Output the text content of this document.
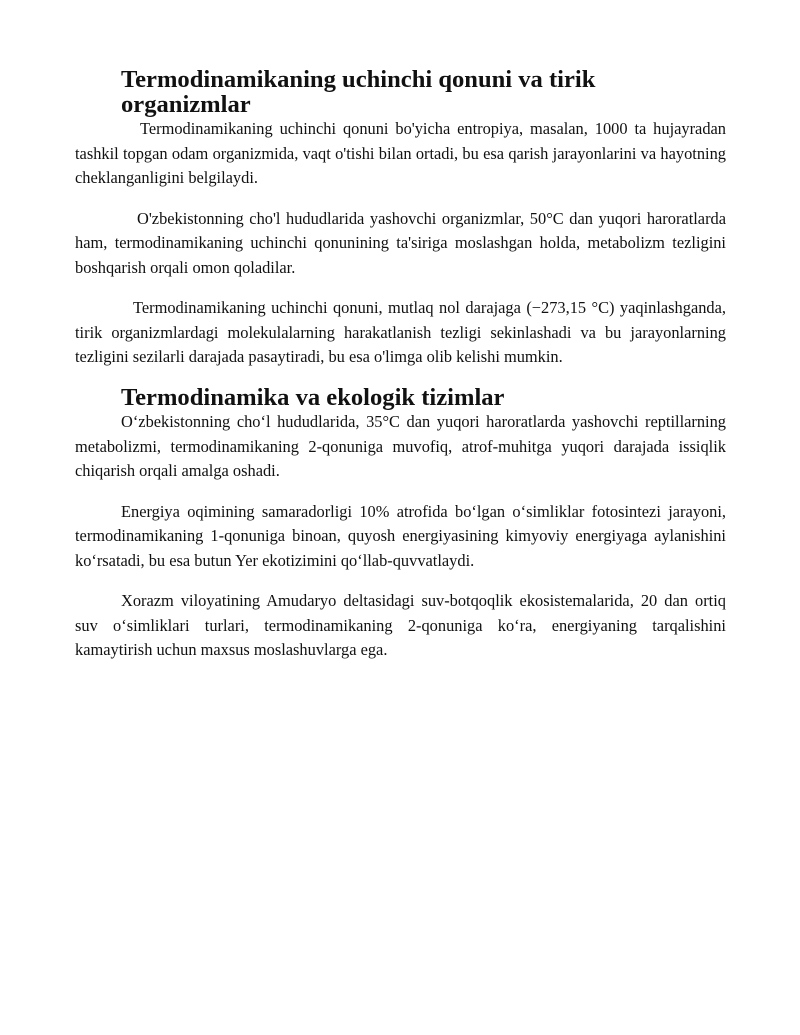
Termodinamikaning uchinchi qonuni va tirik organizmlar

Termodinamikaning uchinchi qonuni bo'yicha entropiya, masalan, 1000 ta hujayradan tashkil topgan odam organizmida, vaqt o'tishi bilan ortadi, bu esa qarish jarayonlarini va hayotning cheklanganligini belgilaydi.

O'zbekistonning cho'l hududlarida yashovchi organizmlar, 50°C dan yuqori haroratlarda ham, termodinamikaning uchinchi qonunining ta'siriga moslashgan holda, metabolizm tezligini boshqarish orqali omon qoladilar.

Termodinamikaning uchinchi qonuni, mutlaq nol darajaga (−273,15 °C) yaqinlashganda, tirik organizmlardagi molekulalarning harakatlanish tezligi sekinlashadi va bu jarayonlarning tezligini sezilarli darajada pasaytiradi, bu esa o'limga olib kelishi mumkin.

Termodinamika va ekologik tizimlar

O‘zbekistonning cho‘l hududlarida, 35°C dan yuqori haroratlarda yashovchi reptillarning metabolizmi, termodinamikaning 2-qonuniga muvofiq, atrof-muhitga yuqori darajada issiqlik chiqarish orqali amalga oshadi.

Energiya oqimining samaradorligi 10% atrofida bo‘lgan o‘simliklar fotosintezi jarayoni, termodinamikaning 1-qonuniga binoan, quyosh energiyasining kimyoviy energiyaga aylanishini ko‘rsatadi, bu esa butun Yer ekotizimini qo‘llab-quvvatlaydi.

Xorazm viloyatining Amudaryo deltasidagi suv-botqoqlik ekosistemalarida, 20 dan ortiq suv o‘simliklari turlari, termodinamikaning 2-qonuniga ko‘ra, energiyaning tarqalishini kamaytirish uchun maxsus moslashuvlarga ega.
